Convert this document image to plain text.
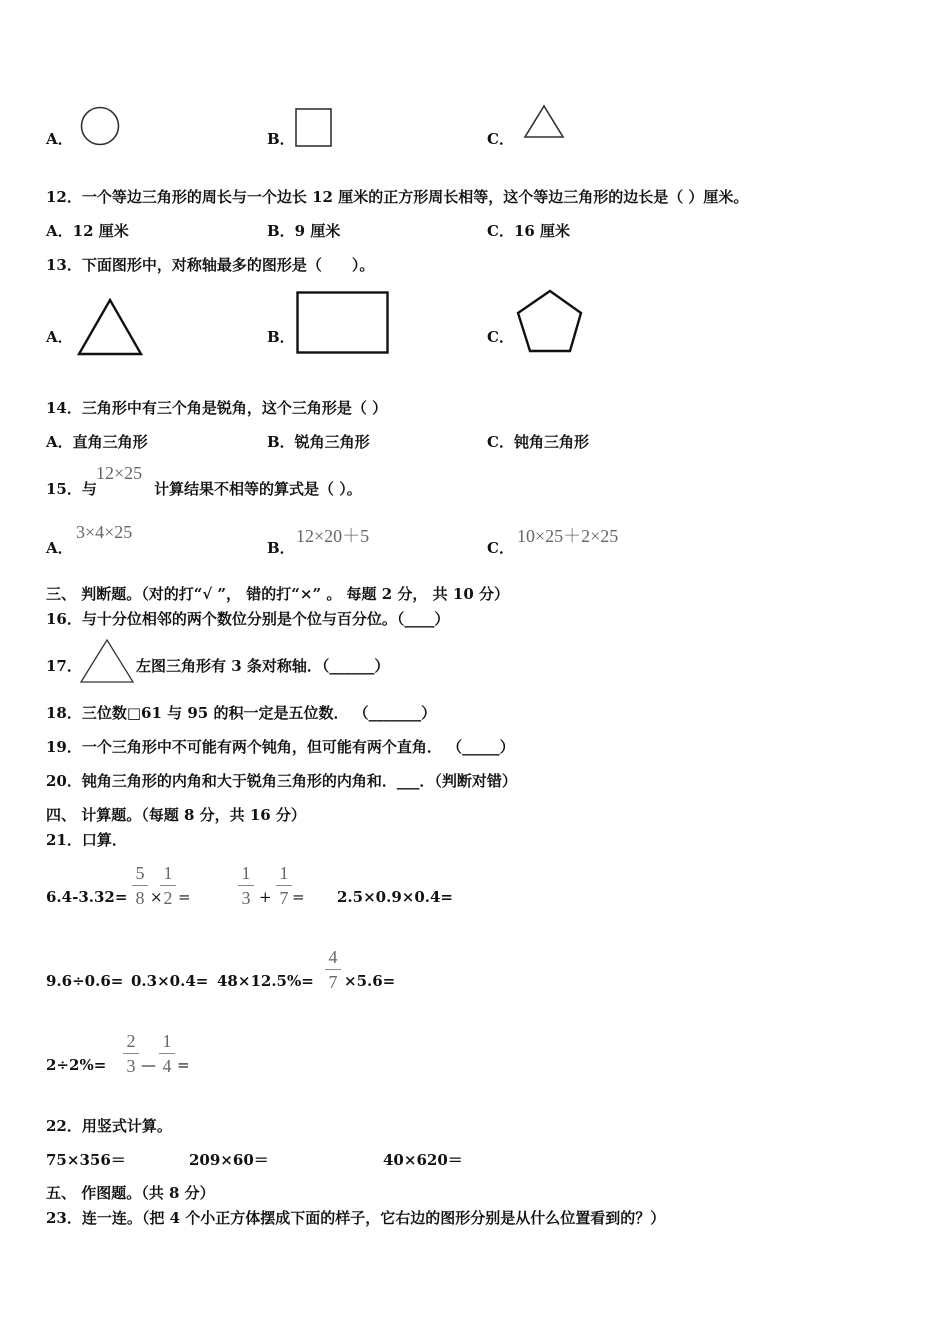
A．	B．	C．
12．一个等边三角形的周长与一个边长 12 厘米的正方形周长相等，这个等边三角形的边长是（ ）厘米。
A．12 厘米	B．9 厘米	C．16 厘米
13．下面图形中，对称轴最多的图形是（　　）。
A．	B．	C．
14．三角形中有三个角是锐角，这个三角形是（ ）
A．直角三角形	B．锐角三角形	C．钝角三角形
15．与
12×25
计算结果不相等的算式是（ ）。
A．
3×4×25
B．
12×20＋5
C．
10×25＋2×25
三、 判断题。（对的打“√ ”， 错的打“×” 。 每题 2 分， 共 10 分）
16．与十分位相邻的两个数位分别是个位与百分位。（____）
17．	左图三角形有 3 条对称轴．（______）
18．三位数□61 与 95 的积一定是五位数． （_______）
19．一个三角形中不可能有两个钝角，但可能有两个直角． （_____）
20．钝角三角形的内角和大于锐角三角形的内角和．___．（判断对错）
四、 计算题。（每题 8 分，共 16 分）
21．口算．
6.4-3.32=
5
8 ×
1
2 =
1
3 +
1
7 = 2.5×0.9×0.4=
9.6÷0.6= 0.3×0.4= 48×12.5%=
4
7 ×5.6=
2÷2%=
2
3 —
1
4 =
22．用竖式计算。
75×356＝	209×60＝	40×620＝
五、 作图题。（共 8 分）
23．连一连。（把 4 个小正方体摆成下面的样子，它右边的图形分别是从什么位置看到的？）
